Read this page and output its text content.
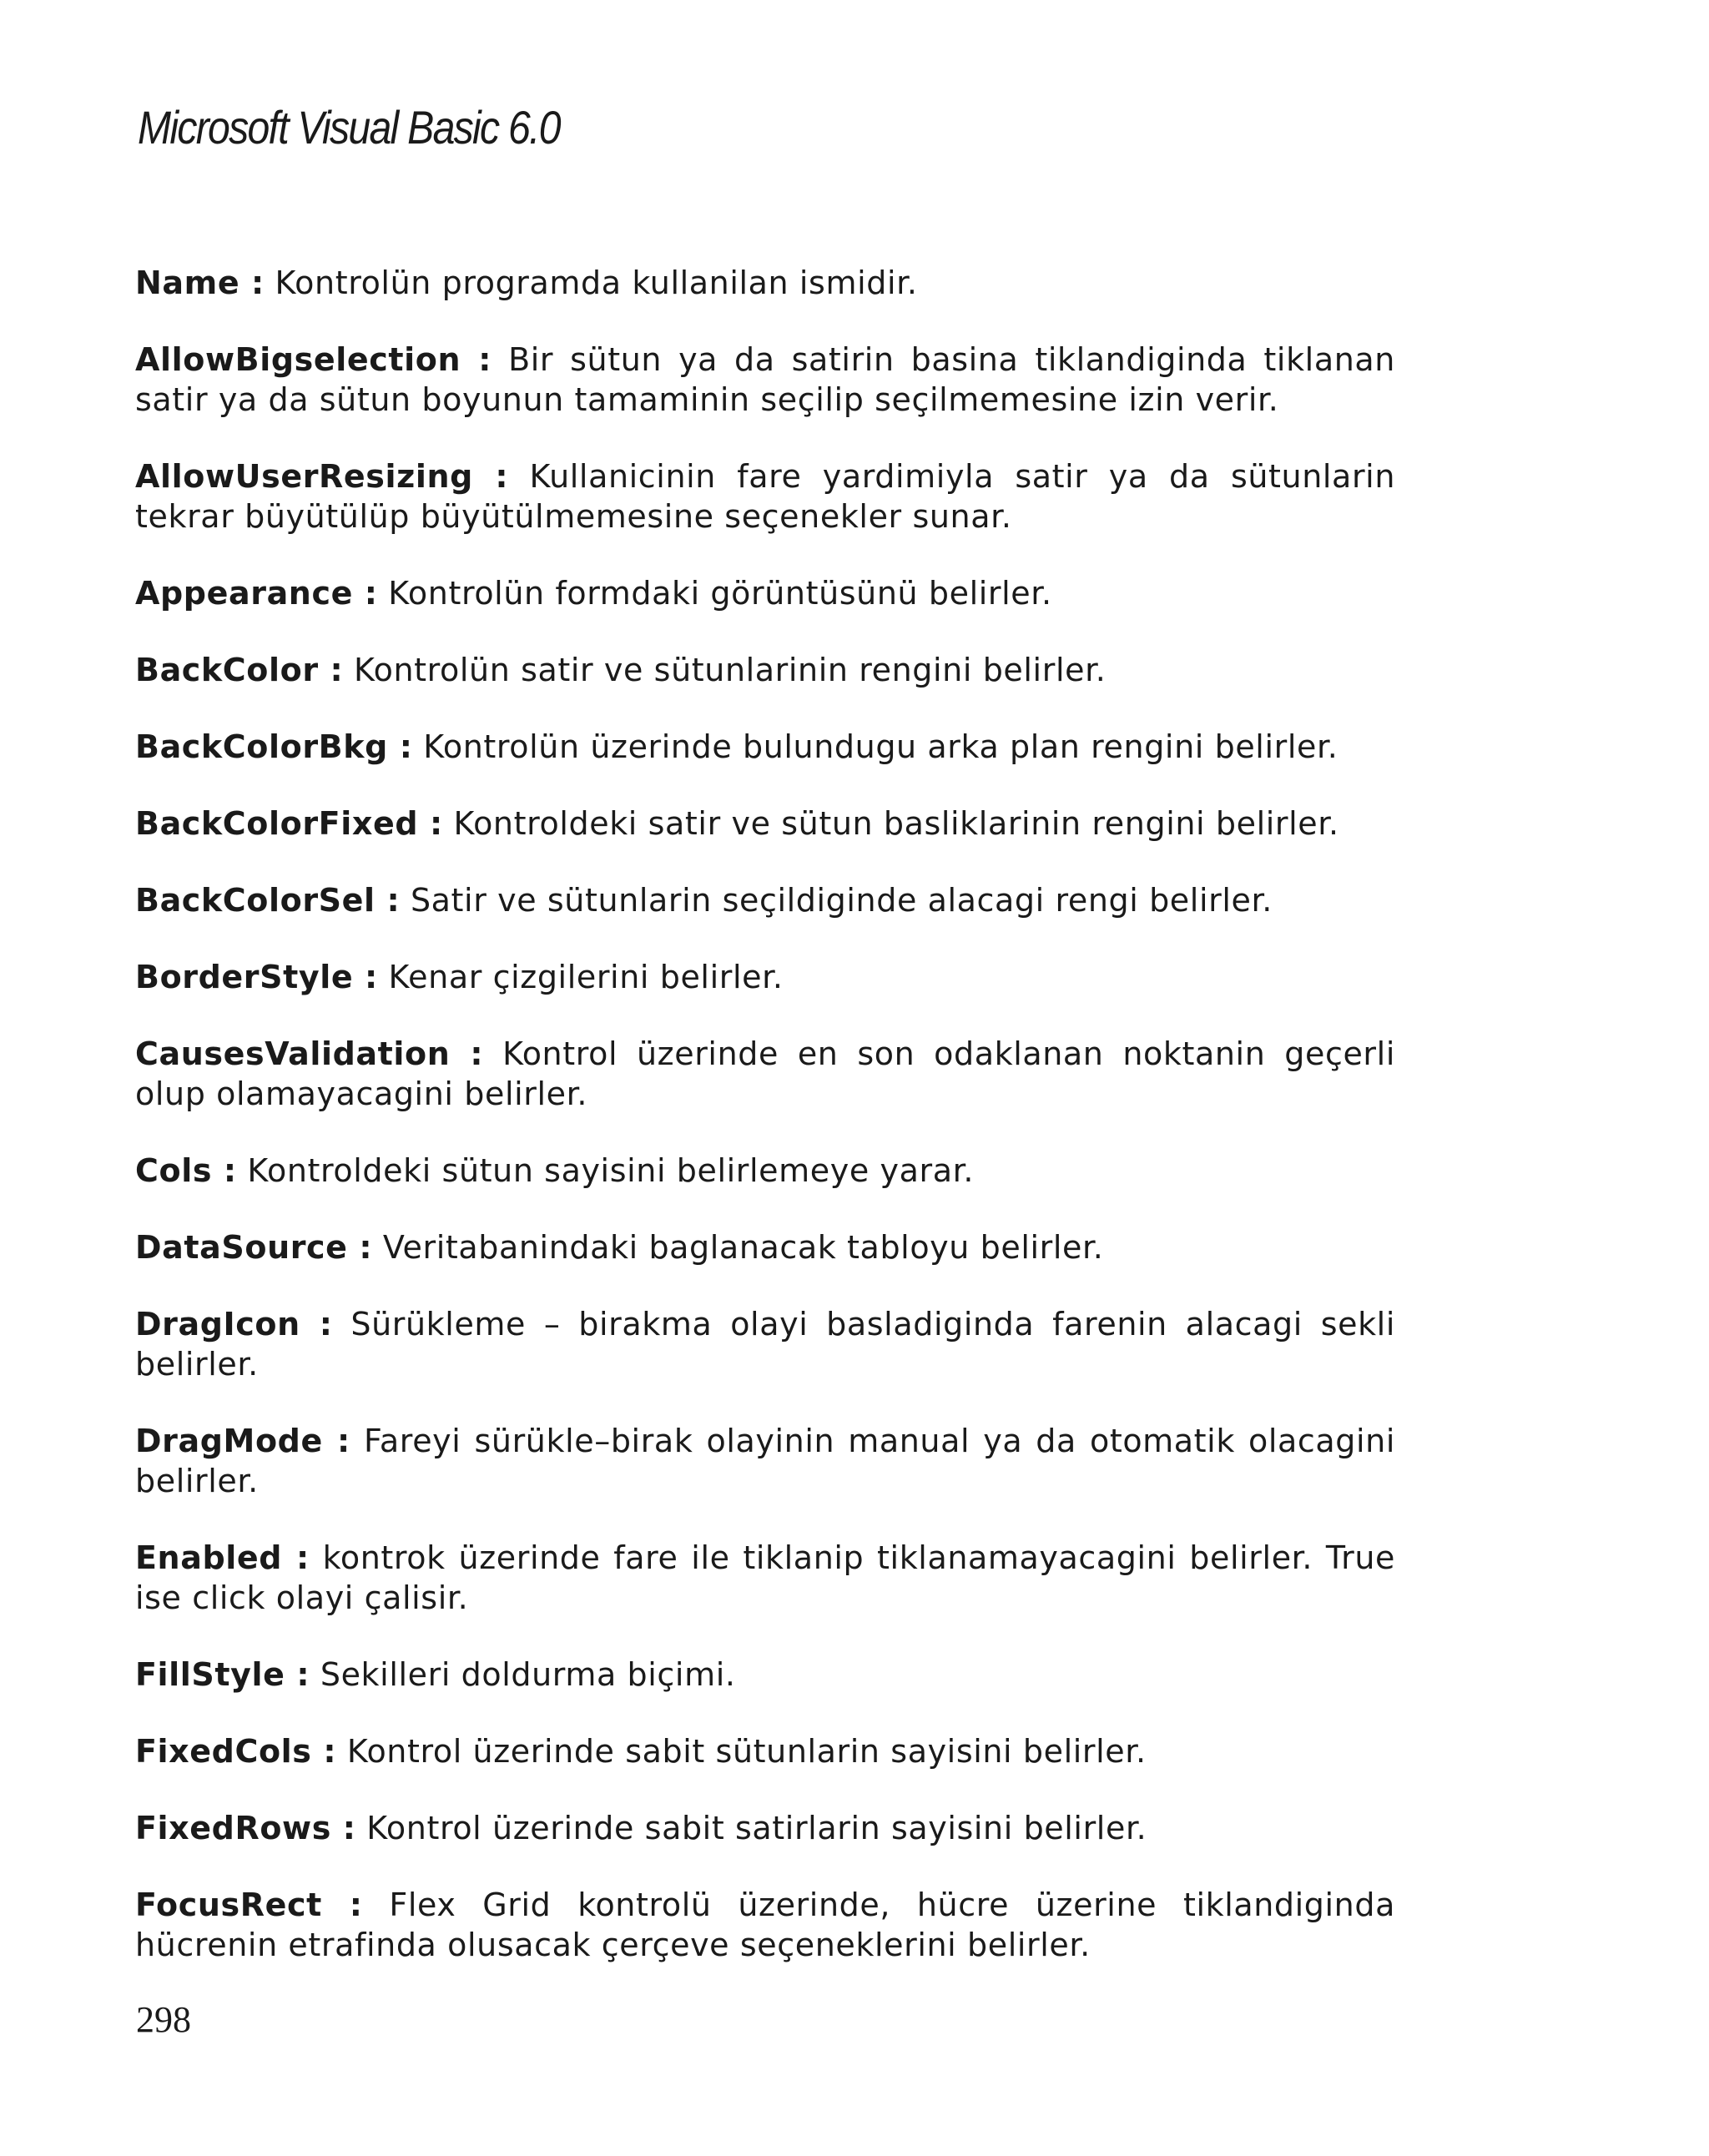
Microsoft Visual Basic 6.0

Name : Kontrolün programda kullanilan ismidir.

AllowBigselection : Bir sütun ya da satirin basina tiklandiginda tiklanan satir ya da sütun boyunun tamaminin seçilip seçilmemesine izin verir.

AllowUserResizing : Kullanicinin fare yardimiyla satir ya da sütunlarin tekrar büyütülüp büyütülmemesine seçenekler sunar.

Appearance : Kontrolün formdaki görüntüsünü belirler.

BackColor : Kontrolün satir ve sütunlarinin rengini belirler.

BackColorBkg : Kontrolün üzerinde bulundugu arka plan rengini belirler.

BackColorFixed : Kontroldeki satir ve sütun basliklarinin rengini belirler.

BackColorSel : Satir ve sütunlarin seçildiginde alacagi rengi belirler.

BorderStyle : Kenar çizgilerini belirler.

CausesValidation : Kontrol üzerinde en son odaklanan noktanin geçerli olup olamayacagini belirler.

Cols : Kontroldeki sütun sayisini belirlemeye yarar.

DataSource : Veritabanindaki baglanacak tabloyu belirler.

DragIcon : Sürükleme – birakma olayi basladiginda farenin alacagi sekli belirler.

DragMode : Fareyi sürükle–birak olayinin manual ya da otomatik olacagini belirler.

Enabled : kontrok üzerinde fare ile tiklanip tiklanamayacagini belirler. True ise click olayi çalisir.

FillStyle : Sekilleri doldurma biçimi.

FixedCols : Kontrol üzerinde sabit sütunlarin sayisini belirler.

FixedRows : Kontrol üzerinde sabit satirlarin sayisini belirler.

FocusRect : Flex Grid kontrolü üzerinde, hücre üzerine tiklandiginda hücrenin etrafinda olusacak çerçeve seçeneklerini belirler.

298
